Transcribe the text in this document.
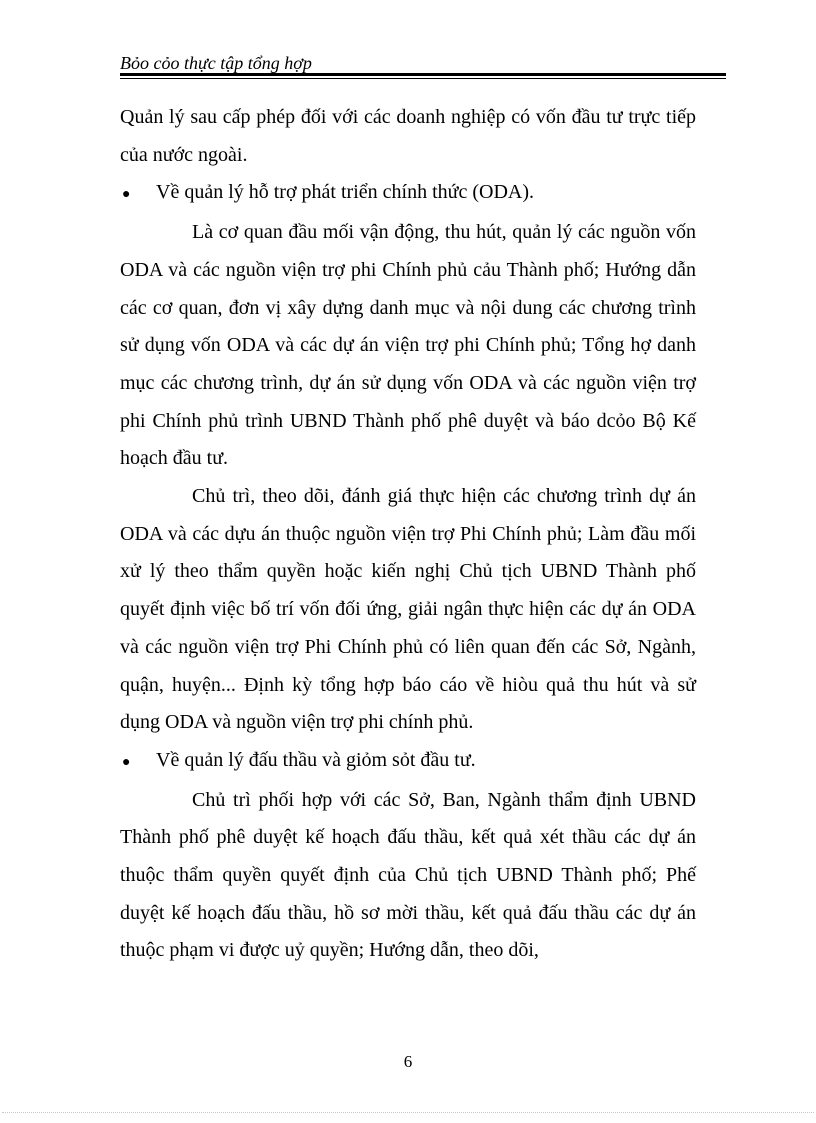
Bỏo cỏo thực tập tổng hợp

Quản lý sau cấp phép đối với các doanh nghiệp có vốn đầu tư trực tiếp của nước ngoài.

●	Về quản lý hỗ trợ phát triển chính thức (ODA).

Là cơ quan đầu mối vận động, thu hút, quản lý các nguồn vốn ODA và các nguồn viện trợ phi Chính phủ cảu Thành phố; Hướng dẫn các cơ quan, đơn vị xây dựng danh mục và nội dung các chương trình sử dụng vốn ODA và các dự án viện trợ phi Chính phủ; Tổng hợ danh mục các chương trình, dự án sử dụng vốn ODA và các nguồn viện trợ phi Chính phủ trình UBND Thành phố phê duyệt và báo dcỏo Bộ Kế hoạch đầu tư.

Chủ trì, theo dõi, đánh giá thực hiện các chương trình dự án ODA và các dựu án thuộc nguồn viện trợ Phi Chính phủ; Làm đầu mối xử lý theo thẩm quyền hoặc kiến nghị Chủ tịch UBND Thành phố quyết định việc bố trí vốn đối ứng, giải ngân thực hiện các dự án ODA và các nguồn viện trợ Phi Chính phủ có liên quan đến các Sở, Ngành, quận, huyện... Định kỳ tổng hợp báo cáo về hiòu quả thu hút và sử dụng ODA và nguồn viện trợ phi chính phủ.

●	Về quản lý đấu thầu và giỏm sỏt đầu tư.

Chủ trì phối hợp với các Sở, Ban, Ngành thẩm định UBND Thành phố phê duyệt kế hoạch đấu thầu, kết quả xét thầu các dự án thuộc thẩm quyền quyết định của Chủ tịch UBND Thành phố; Phế duyệt kế hoạch đấu thầu, hồ sơ mời thầu, kết quả đấu thầu các dự án thuộc phạm vi được uỷ quyền; Hướng dẫn, theo dõi,

6
